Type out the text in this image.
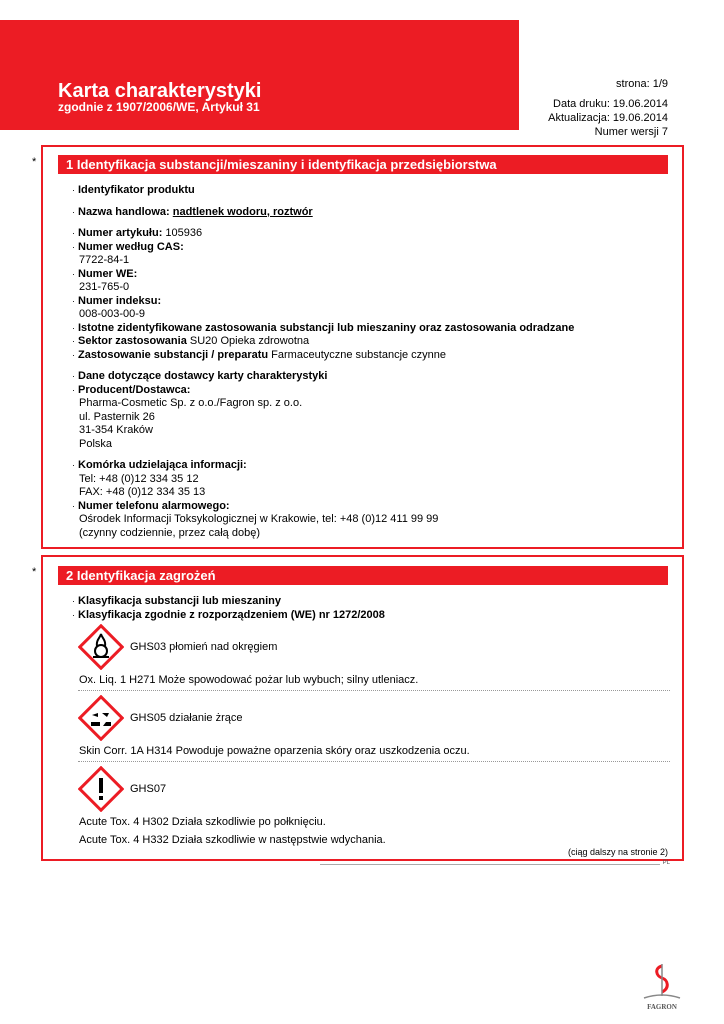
Karta charakterystyki
zgodnie z 1907/2006/WE, Artykuł 31
strona: 1/9
Data druku: 19.06.2014
Aktualizacja: 19.06.2014
Numer wersji 7
*	1 Identyfikacja substancji/mieszaniny i identyfikacja przedsiębiorstwa
· Identyfikator produktu
· Nazwa handlowa: nadtlenek wodoru, roztwór
· Numer artykułu: 105936
· Numer według CAS:
7722-84-1
· Numer WE:
231-765-0
· Numer indeksu:
008-003-00-9
· Istotne zidentyfikowane zastosowania substancji lub mieszaniny oraz zastosowania odradzane
· Sektor zastosowania SU20 Opieka zdrowotna
· Zastosowanie substancji / preparatu Farmaceutyczne substancje czynne
· Dane dotyczące dostawcy karty charakterystyki
· Producent/Dostawca:
Pharma-Cosmetic Sp. z o.o./Fagron sp. z o.o.
ul. Pasternik 26
31-354 Kraków
Polska
· Komórka udzielająca informacji:
Tel: +48 (0)12 334 35 12
FAX: +48 (0)12 334 35 13
· Numer telefonu alarmowego:
Ośrodek Informacji Toksykologicznej w Krakowie, tel: +48 (0)12 411 99 99
(czynny codziennie, przez całą dobę)
*	2 Identyfikacja zagrożeń
· Klasyfikacja substancji lub mieszaniny
· Klasyfikacja zgodnie z rozporządzeniem (WE) nr 1272/2008
GHS03 płomień nad okręgiem
Ox. Liq. 1 H271 Może spowodować pożar lub wybuch; silny utleniacz.
GHS05 działanie żrące
Skin Corr. 1A H314 Powoduje poważne oparzenia skóry oraz uszkodzenia oczu.
GHS07
Acute Tox. 4 H302 Działa szkodliwie po połknięciu.
Acute Tox. 4 H332 Działa szkodliwie w następstwie wdychania.
(ciąg dalszy na stronie 2)
PL
FAGRON
